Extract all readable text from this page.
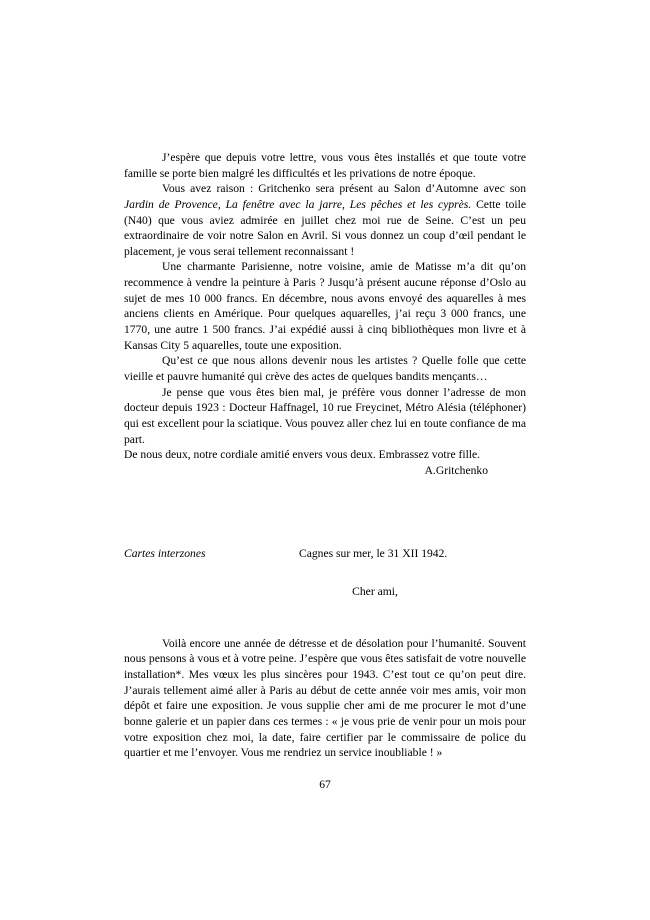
J’espère que depuis votre lettre, vous vous êtes installés et que toute votre famille se porte bien malgré les difficultés et les privations de notre époque.

Vous avez raison : Gritchenko sera présent au Salon d’Automne avec son Jardin de Provence, La fenêtre avec la jarre, Les pêches et les cyprès. Cette toile (N40) que vous aviez admirée en juillet chez moi rue de Seine. C’est un peu extraordinaire de voir notre Salon en Avril. Si vous donnez un coup d’œil pendant le placement, je vous serai tellement reconnaissant !

Une charmante Parisienne, notre voisine, amie de Matisse m’a dit qu’on recommence à vendre la peinture à Paris ? Jusqu’à présent aucune réponse d’Oslo au sujet de mes 10 000 francs. En décembre, nous avons envoyé des aquarelles à mes anciens clients en Amérique. Pour quelques aquarelles, j’ai reçu 3 000 francs, une 1770, une autre 1 500 francs. J’ai expédié aussi à cinq bibliothèques mon livre et à Kansas City 5 aquarelles, toute une exposition.

Qu’est ce que nous allons devenir nous les artistes ? Quelle folle que cette vieille et pauvre humanité qui crève des actes de quelques bandits mençants…

Je pense que vous êtes bien mal, je préfère vous donner l’adresse de mon docteur depuis 1923 : Docteur Haffnagel, 10 rue Freycinet, Métro Alésia (téléphoner) qui est excellent pour la sciatique. Vous pouvez aller chez lui en toute confiance de ma part.

De nous deux, notre cordiale amitié envers vous deux. Embrassez votre fille.

A.Gritchenko

Cartes interzones	Cagnes sur mer, le 31 XII 1942.

Cher ami,

Voilà encore une année de détresse et de désolation pour l’humanité. Souvent nous pensons à vous et à votre peine. J’espère que vous êtes satisfait de votre nouvelle installation*. Mes vœux les plus sincères pour 1943. C’est tout ce qu’on peut dire. J’aurais tellement aimé aller à Paris au début de cette année voir mes amis, voir mon dépôt et faire une exposition. Je vous supplie cher ami de me procurer le mot d’une bonne galerie et un papier dans ces termes : « je vous prie de venir pour un mois pour votre exposition chez moi, la date, faire certifier par le commissaire de police du quartier et me l’envoyer. Vous me rendriez un service inoubliable ! »

67
